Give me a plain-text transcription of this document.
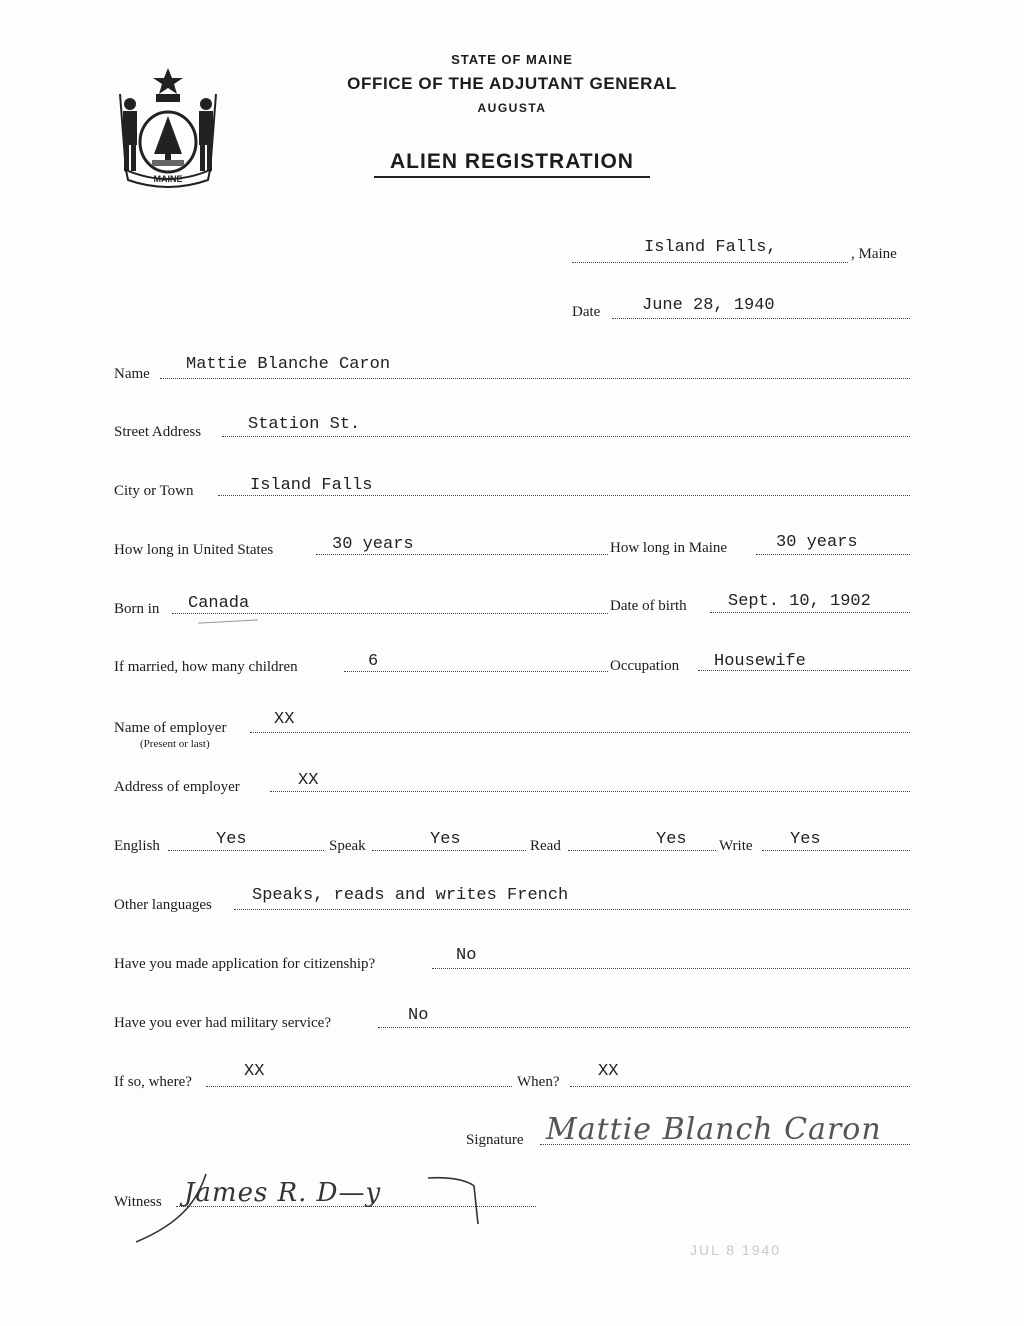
MAINE
STATE OF MAINE
OFFICE OF THE ADJUTANT GENERAL
AUGUSTA
ALIEN REGISTRATION
Island Falls,	, Maine
Date June 28, 1940
Name Mattie Blanche Caron
Street Address	Station St.
City or Town	Island Falls
How long in United States	30 years	How long in Maine	30 years
Born in Canada	Date of birth Sept. 10, 1902
If married, how many children	6	Occupation Housewife
Name of employer
(Present or last)
XX
Address of employer	XX
English	Yes	Speak	Yes	Read	Yes Write Yes
Other languages Speaks, reads and writes French
Have you made application for citizenship?	No
Have you ever had military service?	No
If so, where?
XX
When?
XX
Signature Mattie Blanch Caron
Witness James R. D—y
JUL 8 1940
